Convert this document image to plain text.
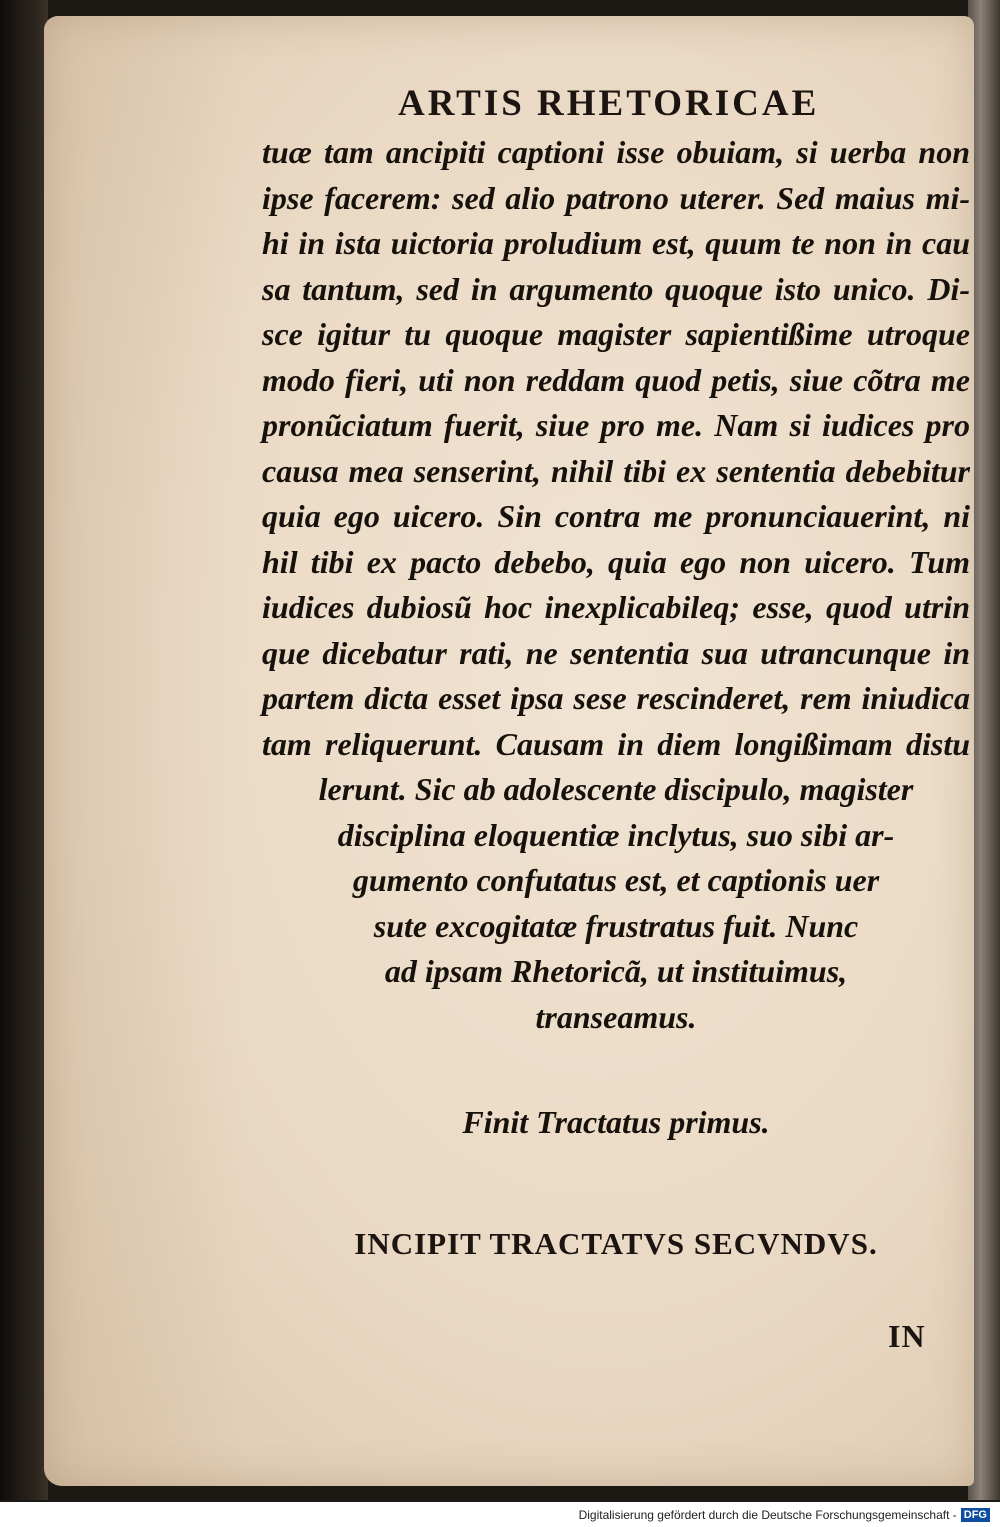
ARTIS RHETORICAE
tuæ tam ancipiti captioni isse obuiam, si uerba non
ipse facerem: sed alio patrono uterer. Sed maius mi-
hi in ista uictoria proludium est, quum te non in cau
sa tantum, sed in argumento quoque isto unico. Di-
sce igitur tu quoque magister sapientißime utroque
modo fieri, uti non reddam quod petis, siue cõtra me
pronũciatum fuerit, siue pro me. Nam si iudices pro
causa mea senserint, nihil tibi ex sententia debebitur
quia ego uicero. Sin contra me pronunciauerint, ni
hil tibi ex pacto debebo, quia ego non uicero. Tum
iudices dubiosũ hoc inexplicabileq; esse, quod utrin
que dicebatur rati, ne sententia sua utrancunque in
partem dicta esset ipsa sese rescinderet, rem iniudica
tam reliquerunt. Causam in diem longißimam distu
lerunt. Sic ab adolescente discipulo, magister
disciplina eloquentiæ inclytus, suo sibi ar-
gumento confutatus est, et captionis uer
sute excogitatæ frustratus fuit. Nunc
ad ipsam Rhetoricã, ut instituimus,
transeamus.
Finit Tractatus primus.
INCIPIT TRACTATVS SECVNDVS.
IN
Digitalisierung gefördert durch die Deutsche Forschungsgemeinschaft - DFG
